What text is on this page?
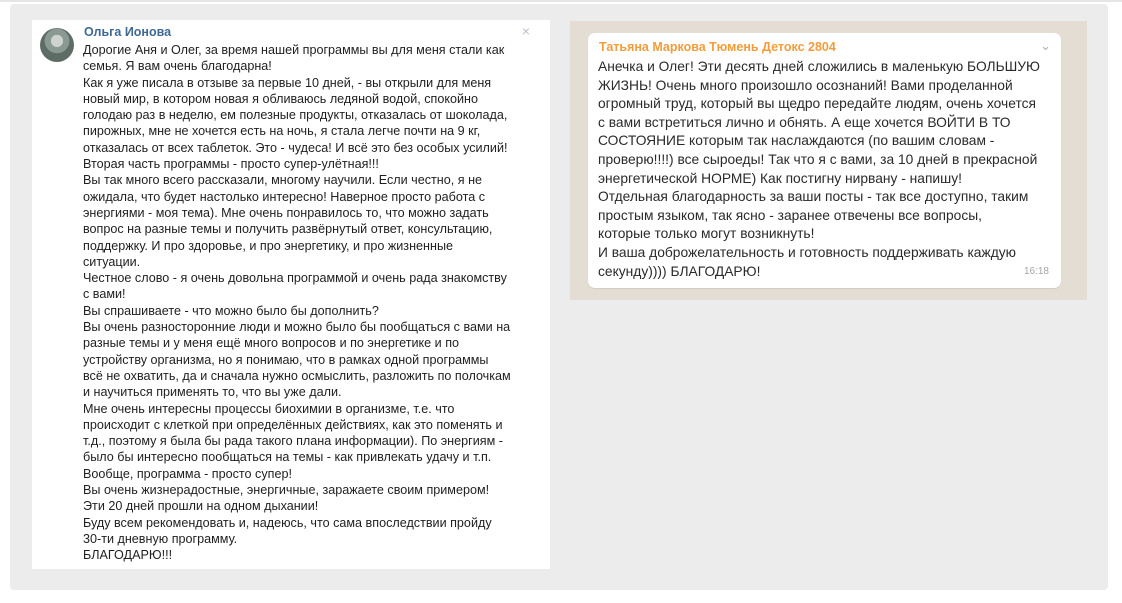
Ольга Ионова	×
Дорогие Аня и Олег, за время нашей программы вы для меня стали как
семья. Я вам очень благодарна!
Как я уже писала в отзыве за первые 10 дней, - вы открыли для меня
новый мир, в котором новая я обливаюсь ледяной водой, спокойно
голодаю раз в неделю, ем полезные продукты, отказалась от шоколада,
пирожных, мне не хочется есть на ночь, я стала легче почти на 9 кг,
отказалась от всех таблеток. Это - чудеса! И всё это без особых усилий!
Вторая часть программы - просто супер-улётная!!!
Вы так много всего рассказали, многому научили. Если честно, я не
ожидала, что будет настолько интересно! Наверное просто работа с
энергиями - моя тема). Мне очень понравилось то, что можно задать
вопрос на разные темы и получить развёрнутый ответ, консультацию,
поддержку. И про здоровье, и про энергетику, и про жизненные
ситуации.
Честное слово - я очень довольна программой и очень рада знакомству
с вами!
Вы спрашиваете - что можно было бы дополнить?
Вы очень разносторонние люди и можно было бы пообщаться с вами на
разные темы и у меня ещё много вопросов и по энергетике и по
устройству организма, но я понимаю, что в рамках одной программы
всё не охватить, да и сначала нужно осмыслить, разложить по полочкам
и научиться применять то, что вы уже дали.
Мне очень интересны процессы биохимии в организме, т.е. что
происходит с клеткой при определённых действиях, как это поменять и
т.д., поэтому я была бы рада такого плана информации). По энергиям -
было бы интересно пообщаться на темы - как привлекать удачу и т.п.
Вообще, программа - просто супер!
Вы очень жизнерадостные, энергичные, заражаете своим примером!
Эти 20 дней прошли на одном дыхании!
Буду всем рекомендовать и, надеюсь, что сама впоследствии пройду
30-ти дневную программу.
БЛАГОДАРЮ!!!
Татьяна Маркова Тюмень Детокс 2804	⌄
Анечка и Олег! Эти десять дней сложились в маленькую БОЛЬШУЮ
ЖИЗНЬ! Очень много произошло осознаний! Вами проделанной
огромный труд, который вы щедро передайте людям, очень хочется
с вами встретиться лично и обнять. А еще хочется ВОЙТИ В ТО
СОСТОЯНИЕ которым так наслаждаются (по вашим словам -
проверю!!!!) все сыроеды! Так что я с вами, за 10 дней в прекрасной
энергетической НОРМЕ) Как постигну нирвану - напишу!
Отдельная благодарность за ваши посты - так все доступно, таким
простым языком, так ясно - заранее отвечены все вопросы,
которые только могут возникнуть!
И ваша доброжелательность и готовность поддерживать каждую
секунду)))) БЛАГОДАРЮ!	16:18
